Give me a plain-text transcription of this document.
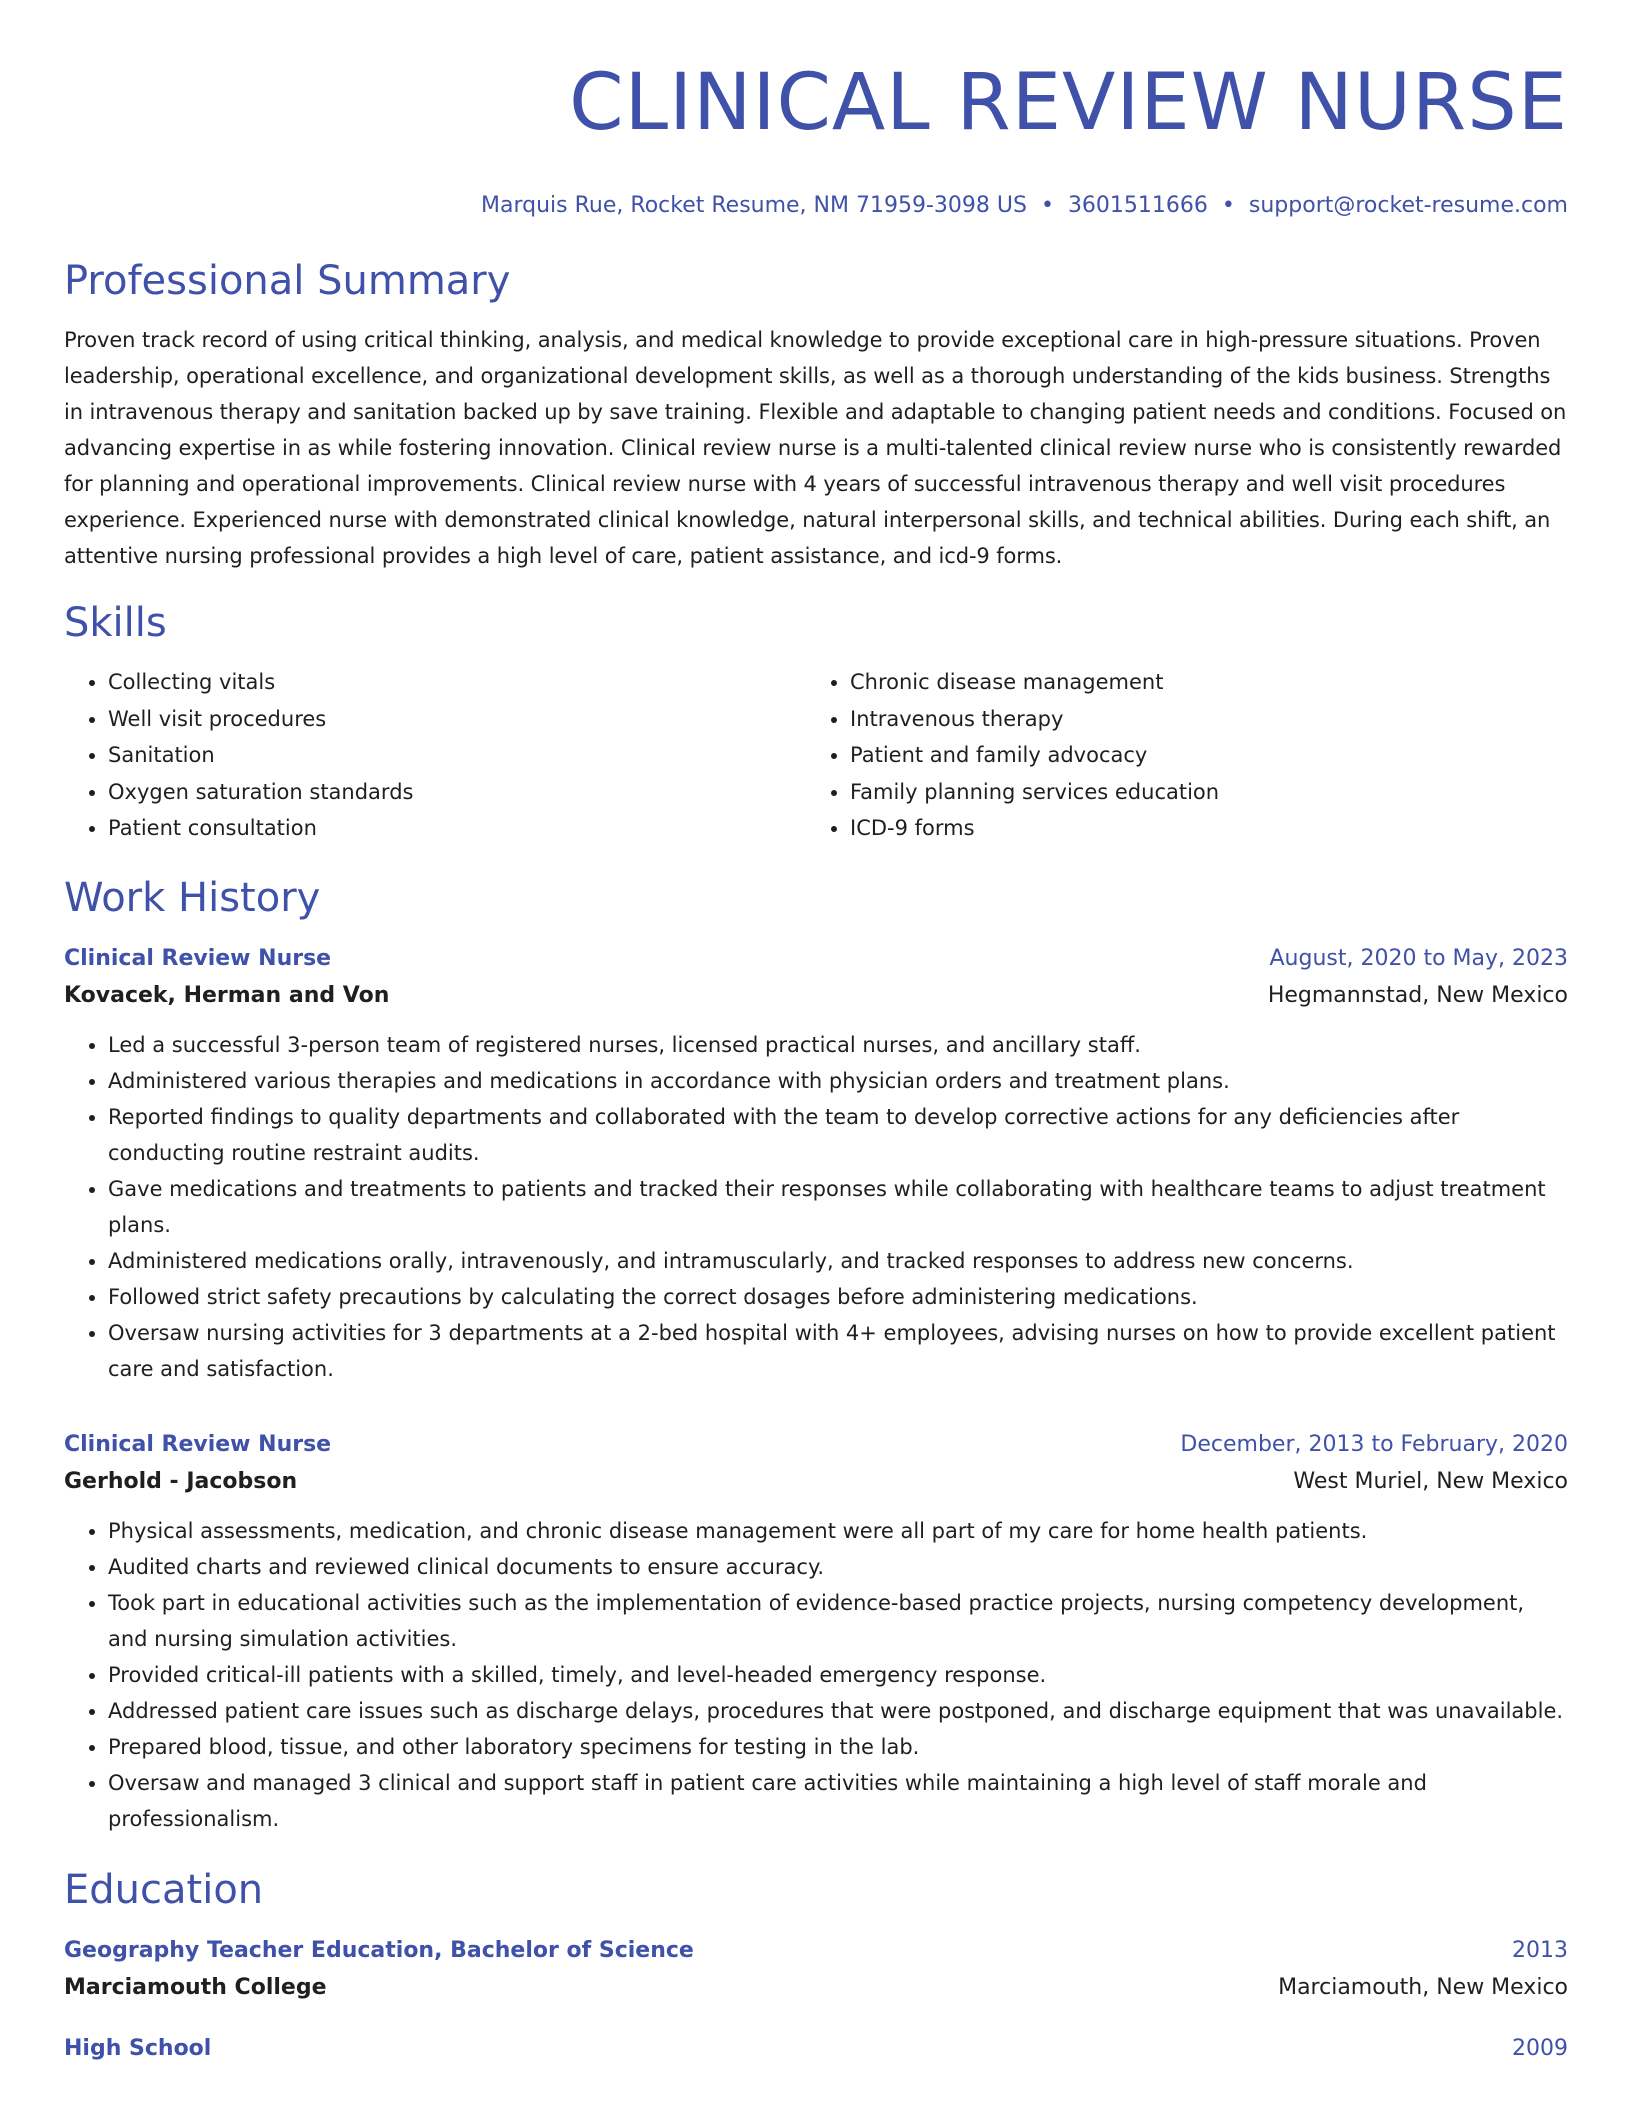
CLINICAL REVIEW NURSE
Marquis Rue, Rocket Resume, NM 71959-3098 US • 3601511666 • support@rocket-resume.com
Professional Summary
Proven track record of using critical thinking, analysis, and medical knowledge to provide exceptional care in high-pressure situations. Proven leadership, operational excellence, and organizational development skills, as well as a thorough understanding of the kids business. Strengths in intravenous therapy and sanitation backed up by save training. Flexible and adaptable to changing patient needs and conditions. Focused on advancing expertise in as while fostering innovation. Clinical review nurse is a multi-talented clinical review nurse who is consistently rewarded for planning and operational improvements. Clinical review nurse with 4 years of successful intravenous therapy and well visit procedures experience. Experienced nurse with demonstrated clinical knowledge, natural interpersonal skills, and technical abilities. During each shift, an attentive nursing professional provides a high level of care, patient assistance, and icd-9 forms.
Skills
• Collecting vitals
• Well visit procedures
• Sanitation
• Oxygen saturation standards
• Patient consultation
• Chronic disease management
• Intravenous therapy
• Patient and family advocacy
• Family planning services education
• ICD-9 forms
Work History
Clinical Review Nurse	August, 2020 to May, 2023
Kovacek, Herman and Von	Hegmannstad, New Mexico
• Led a successful 3-person team of registered nurses, licensed practical nurses, and ancillary staff.
• Administered various therapies and medications in accordance with physician orders and treatment plans.
• Reported findings to quality departments and collaborated with the team to develop corrective actions for any deficiencies after conducting routine restraint audits.
• Gave medications and treatments to patients and tracked their responses while collaborating with healthcare teams to adjust treatment plans.
• Administered medications orally, intravenously, and intramuscularly, and tracked responses to address new concerns.
• Followed strict safety precautions by calculating the correct dosages before administering medications.
• Oversaw nursing activities for 3 departments at a 2-bed hospital with 4+ employees, advising nurses on how to provide excellent patient care and satisfaction.
Clinical Review Nurse	December, 2013 to February, 2020
Gerhold - Jacobson	West Muriel, New Mexico
• Physical assessments, medication, and chronic disease management were all part of my care for home health patients.
• Audited charts and reviewed clinical documents to ensure accuracy.
• Took part in educational activities such as the implementation of evidence-based practice projects, nursing competency development, and nursing simulation activities.
• Provided critical-ill patients with a skilled, timely, and level-headed emergency response.
• Addressed patient care issues such as discharge delays, procedures that were postponed, and discharge equipment that was unavailable.
• Prepared blood, tissue, and other laboratory specimens for testing in the lab.
• Oversaw and managed 3 clinical and support staff in patient care activities while maintaining a high level of staff morale and professionalism.
Education
Geography Teacher Education, Bachelor of Science	2013
Marciamouth College	Marciamouth, New Mexico
High School	2009
